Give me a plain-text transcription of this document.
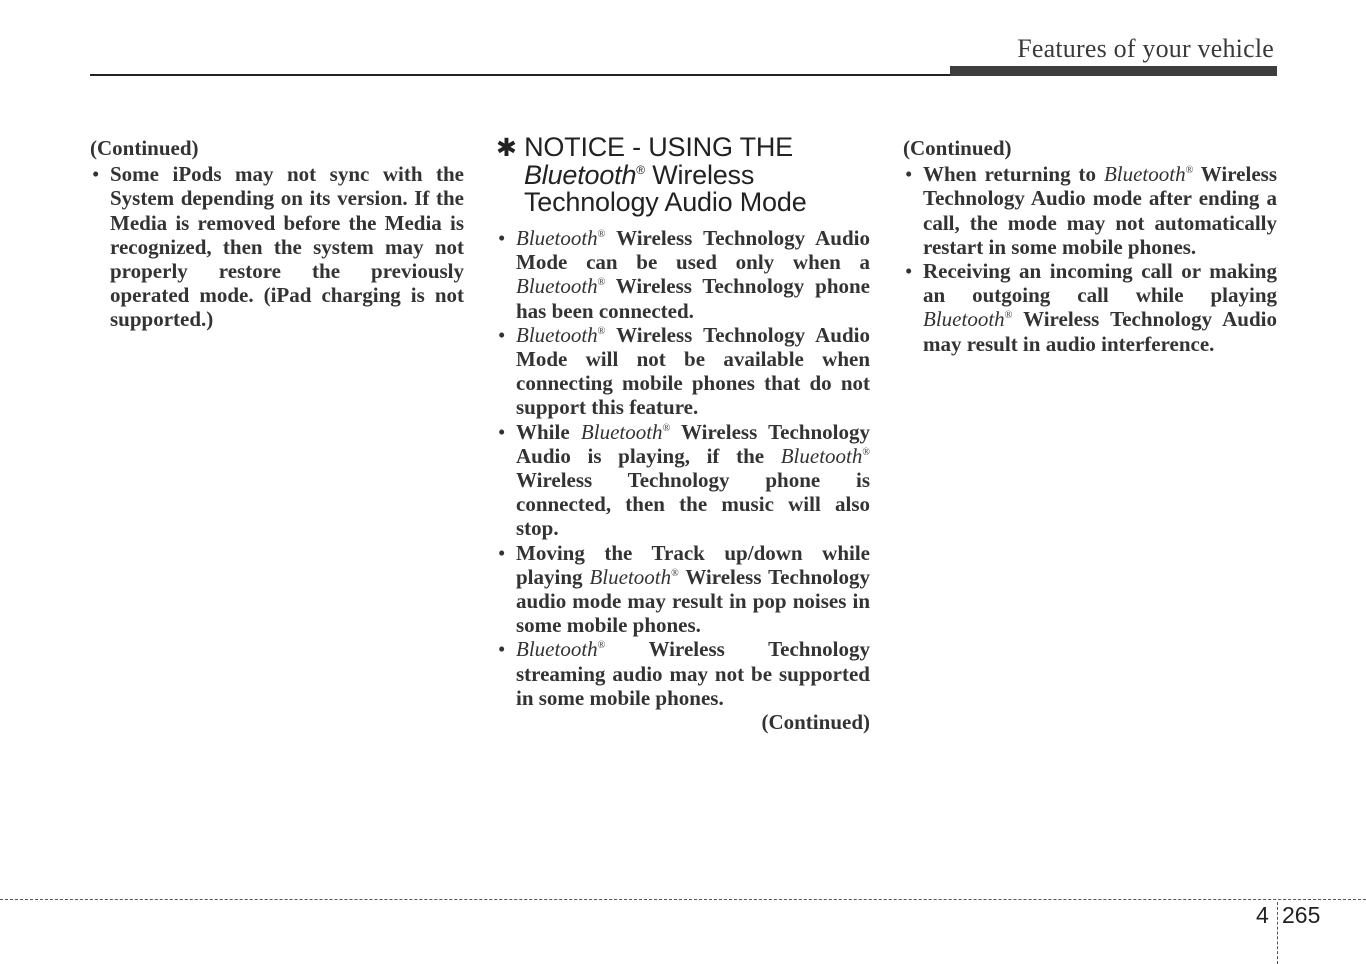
Features of your vehicle
(Continued)
• Some iPods may not sync with the System depending on its version. If the Media is removed before the Media is recognized, then the system may not properly restore the previously operated mode. (iPad charging is not supported.)
✱ NOTICE - USING THE
Bluetooth® Wireless
Technology Audio Mode
• Bluetooth® Wireless Technology Audio Mode can be used only when a Bluetooth® Wireless Technology phone has been connected.
• Bluetooth® Wireless Technology Audio Mode will not be available when connecting mobile phones that do not support this feature.
• While Bluetooth® Wireless Technology Audio is playing, if the Bluetooth® Wireless Technology phone is connected, then the music will also stop.
• Moving the Track up/down while playing Bluetooth® Wireless Technology audio mode may result in pop noises in some mobile phones.
• Bluetooth® Wireless Technology streaming audio may not be supported in some mobile phones.
(Continued)
(Continued)
• When returning to Bluetooth® Wireless Technology Audio mode after ending a call, the mode may not automatically restart in some mobile phones.
• Receiving an incoming call or making an outgoing call while playing Bluetooth® Wireless Technology Audio may result in audio interference.
4 265
